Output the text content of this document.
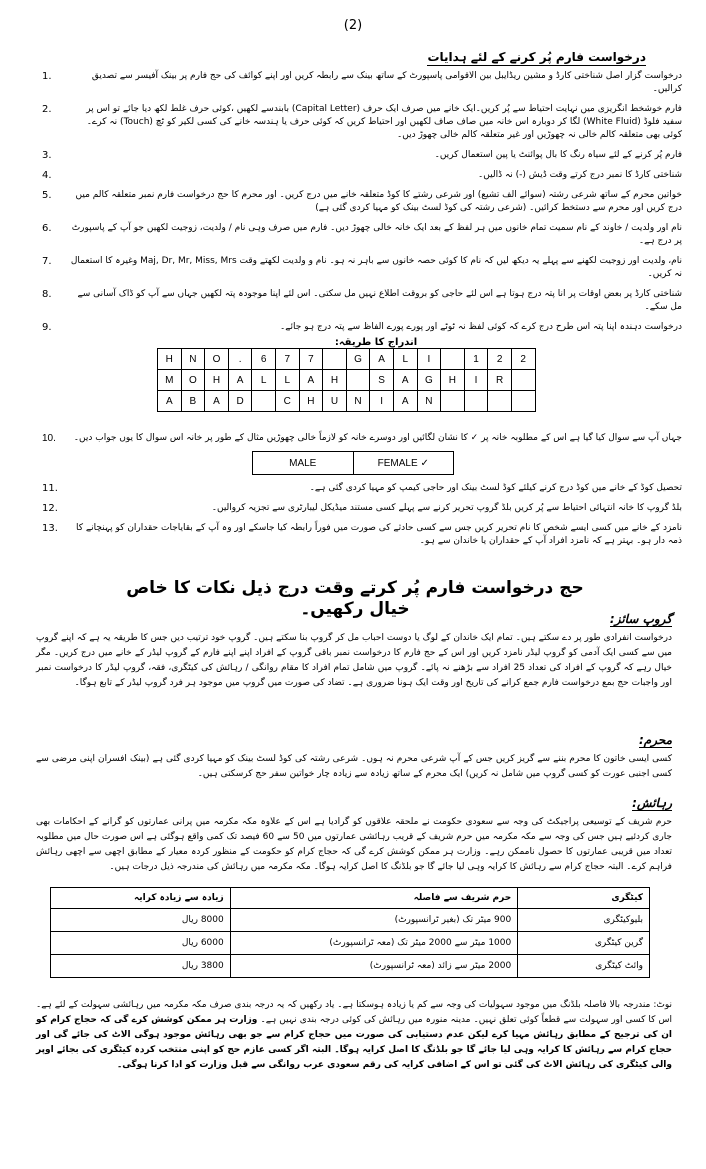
(2)
درخواست فارم پُر کرنے کے لئے ہدایات
1.	درخواست گزار اصل شناختی کارڈ و مشین ریڈایبل بین الاقوامی پاسپورٹ کے ساتھ بینک سے رابطہ کریں اور اپنے کوائف کی حج فارم پر بینک آفیسر سے تصدیق کرالیں۔
2.	فارم خوشخط انگریزی میں نہایت احتیاط سے پُر کریں۔ایک خانے میں صرف ایک حرف (Capital Letter) بابندسے لکھیں ،کوئی حرف غلط لکھ دیا جائے تو اس پر سفید فلوڈ (White Fluid) لگا کر دوبارہ اس خانہ میں صاف صاف لکھیں اور احتیاط کریں کہ کوئی حرف یا ہندسہ خانے کی کسی لکیر کو ٹچ (Touch) نہ کرے۔ کوئی بھی متعلقہ کالم خالی نہ چھوڑیں اور غیر متعلقہ کالم خالی چھوڑ دیں۔
3.	فارم پُر کرنے کے لئے سیاہ رنگ کا بال پوائنٹ یا پین استعمال کریں۔
4.	شناختی کارڈ کا نمبر درج کرتے وقت ڈیش (-) نہ ڈالیں۔
5.	خواتین محرم کے ساتھ شرعی رشتہ (سوائے الف تشیع) اور شرعی رشتے کا کوڈ متعلقہ خانے میں درج کریں۔ اور محرم کا حج درخواست فارم نمبر متعلقہ کالم میں درج کریں اور محرم سے دستخط کرائیں۔ (شرعی رشتہ کی کوڈ لسٹ بینک کو مہیا کردی گئی ہے)
6. نام اور ولدیت / خاوند کے نام سمیت تمام خانوں میں ہر لفظ کے بعد ایک خانہ خالی چھوڑ دیں۔ فارم میں صرف وہی نام / ولدیت، زوجیت لکھیں جو آپ کے پاسپورٹ پر درج ہے۔
7. نام، ولدیت اور زوجیت لکھنے سے پہلے یہ دیکھ لیں کہ نام کا کوئی حصہ خانوں سے باہر نہ ہو۔ نام و ولدیت لکھتے وقت Maj, Dr, Mr, Miss, Mrs وغیرہ کا استعمال نہ کریں۔
8.	شناختی کارڈ پر بعض اوقات پر انا پتہ درج ہوتا ہے اس لئے حاجی کو بروقت اطلاع نہیں مل سکتی۔ اس لئے اپنا موجودہ پتہ لکھیں جہاں سے آپ کو ڈاک آسانی سے مل سکے۔
9.	درخواست دہندہ اپنا پتہ اس طرح درج کرے کہ کوئی لفظ نہ ٹوٹے اور پورے پورے الفاظ سے پتہ درج ہو جائے۔
اندراج کا طریقہ:
H	N	O	.	6	7	7		G	A	L	I		1	2	2
M	O	H	A	L	L	A	H		S	A	G	H	I	R	
A	B	A	D		C	H	U	N	I	A	N				
10.	جہاں آپ سے سوال کیا گیا ہے اس کے مطلوبہ خانہ پر ✓ کا نشان لگائیں اور دوسرے خانہ کو لازماً خالی چھوڑیں مثال کے طور پر خانہ اس سوال کا یوں جواب دیں۔
MALE	FEMALE ✓
11.	تحصیل کوڈ کے خانے میں کوڈ درج کرنے کیلئے کوڈ لسٹ بینک اور حاجی کیمپ کو مہیا کردی گئی ہے۔
12.	بلڈ گروپ کا خانہ انتہائی احتیاط سے پُر کریں بلڈ گروپ تحریر کرنے سے پہلے کسی مستند میڈیکل لیبارٹری سے تجزیہ کروالیں۔
13. نامزد کے خانے میں کسی ایسے شخص کا نام تحریر کریں جس سے کسی حادثے کی صورت میں فوراً رابطہ کیا جاسکے اور وہ آپ کے بقایاجات حقداران کو پہنچانے کا ذمہ دار ہو۔ بہتر ہے کہ نامزد افراد آپ کے حقداران یا خاندان سے ہو۔
حج درخواست فارم پُر کرتے وقت درج ذیل نکات کا خاص خیال رکھیں۔	گروپ سائز:

درخواست انفرادی طور پر دے سکتے ہیں۔ تمام ایک خاندان کے لوگ یا دوست احباب مل کر گروپ بنا سکتے ہیں۔ گروپ خود ترتیب دیں جس کا طریقہ یہ ہے کہ اپنے گروپ میں سے کسی ایک آدمی کو گروپ لیڈر نامزد کریں اور اس کے حج فارم کا درخواست نمبر باقی گروپ کے افراد اپنے اپنے فارم کے گروپ لیڈر کے خانے میں درج کریں۔ مگر خیال رہے کہ گروپ کے افراد کی تعداد 25 افراد سے بڑھنے نہ پائے۔ گروپ میں شامل تمام افراد کا مقام روانگی / رہائش کی کیٹگری، فقہ، گروپ لیڈر کا درخواست نمبر اور واجبات حج بمع درخواست فارم جمع کرانے کی تاریخ اور وقت ایک ہونا ضروری ہے۔ تضاد کی صورت میں گروپ میں موجود ہر فرد گروپ لیڈر کے تابع ہوگا۔

محرم:

کسی ایسی خاتون کا محرم بننے سے گریز کریں جس کے آپ شرعی محرم نہ ہوں۔ شرعی رشتہ کی کوڈ لسٹ بینک کو مہیا کردی گئی ہے (بینک افسران اپنی مرضی سے کسی اجنبی عورت کو کسی گروپ میں شامل نہ کریں) ایک محرم کے ساتھ زیادہ سے زیادہ چار خواتین سفر حج کرسکتی ہیں۔

رہائش:

حرم شریف کے توسیعی پراجیکٹ کی وجہ سے سعودی حکومت نے ملحقہ علاقوں کو گرادیا ہے اس کے علاوہ مکہ مکرمہ میں پرانی عمارتوں کو گرانے کے احکامات بھی جاری کردئیے ہیں جس کی وجہ سے مکہ مکرمہ میں حرم شریف کے قریب رہائشی عمارتوں میں 50 سے 60 فیصد تک کمی واقع ہوگئی ہے اس صورت حال میں مطلوبہ تعداد میں قریبی عمارتوں کا حصول ناممکن رہے۔ وزارت ہر ممکن کوشش کرے گی کہ حجاج کرام کو حکومت کے منظور کردہ معیار کے مطابق اچھی سے اچھی رہائش فراہم کرے۔ البتہ حجاج کرام سے رہائش کا کرایہ وہی لیا جائے گا جو بلڈنگ کا اصل کرایہ ہوگا۔ مکہ مکرمہ میں رہائش کی مندرجہ ذیل درجات ہیں۔

کیٹگری	حرم شریف سے فاصلہ	زیادہ سے زیادہ کرایہ
بلیوکیٹگری	900 میٹر تک (بغیر ٹرانسپورٹ)	8000 ریال
گرین کیٹگری	1000 میٹر سے 2000 میٹر تک (معہ ٹرانسپورٹ)	6000 ریال
وائٹ کیٹگری	2000 میٹر سے زائد (معہ ٹرانسپورٹ)	3800 ریال
نوٹ: مندرجہ بالا فاصلہ بلڈنگ میں موجود سہولیات کی وجہ سے کم یا زیادہ ہوسکتا ہے۔ یاد رکھیں کہ یہ درجہ بندی صرف مکہ مکرمہ میں رہائشی سہولت کے لئے ہے۔ اس کا کسی اور سہولت سے قطعاً کوئی تعلق نہیں۔ مدینہ منورہ میں رہائش کی کوئی درجہ بندی نہیں ہے۔ وزارت ہر ممکن کوشش کرے گی کہ حجاج کرام کو ان کی ترجیح کے مطابق رہائش مہیا کرے لیکن عدم دستیابی کی صورت میں حجاج کرام سے جو بھی رہائش موجود ہوگی الاٹ کی جائے گی اور حجاج کرام سے رہائش کا کرایہ وہی لیا جائے گا جو بلڈنگ کا اصل کرایہ ہوگا۔ البتہ اگر کسی عازم حج کو اپنی منتخب کردہ کیٹگری کی بجائے اوپر والی کیٹگری کی رہائش الاٹ کی گئی تو اس کے اضافی کرایہ کی رقم سعودی عرب روانگی سے قبل وزارت کو ادا کرنا ہوگی۔
